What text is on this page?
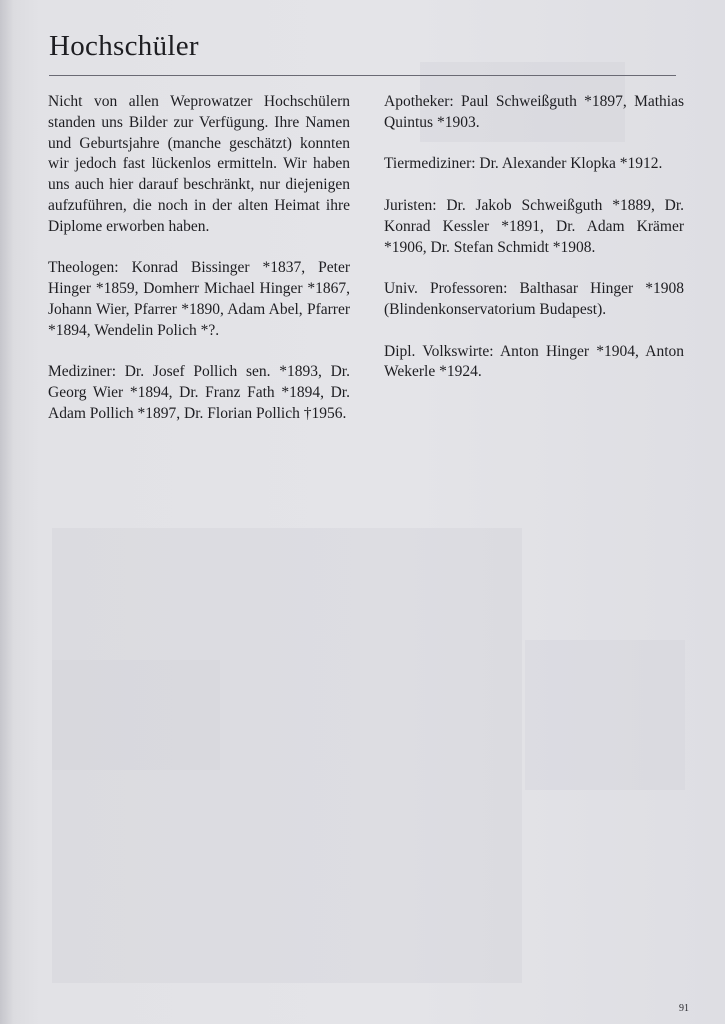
Hochschüler

Nicht von allen Weprowatzer Hochschülern standen uns Bilder zur Verfügung. Ihre Namen und Geburtsjahre (manche geschätzt) konnten wir jedoch fast lückenlos ermitteln. Wir haben uns auch hier darauf beschränkt, nur diejenigen aufzuführen, die noch in der alten Heimat ihre Diplome erworben haben.

Theologen: Konrad Bissinger *1837, Peter Hinger *1859, Domherr Michael Hinger *1867, Johann Wier, Pfarrer *1890, Adam Abel, Pfarrer *1894, Wendelin Polich *?.

Mediziner: Dr. Josef Pollich sen. *1893, Dr. Georg Wier *1894, Dr. Franz Fath *1894, Dr. Adam Pollich *1897, Dr. Florian Pollich †1956.

Apotheker: Paul Schweißguth *1897, Mathias Quintus *1903.

Tiermediziner: Dr. Alexander Klopka *1912.

Juristen: Dr. Jakob Schweißguth *1889, Dr. Konrad Kessler *1891, Dr. Adam Krämer *1906, Dr. Stefan Schmidt *1908.

Univ. Professoren: Balthasar Hinger *1908 (Blindenkonservatorium Budapest).

Dipl. Volkswirte: Anton Hinger *1904, Anton Wekerle *1924.

91
